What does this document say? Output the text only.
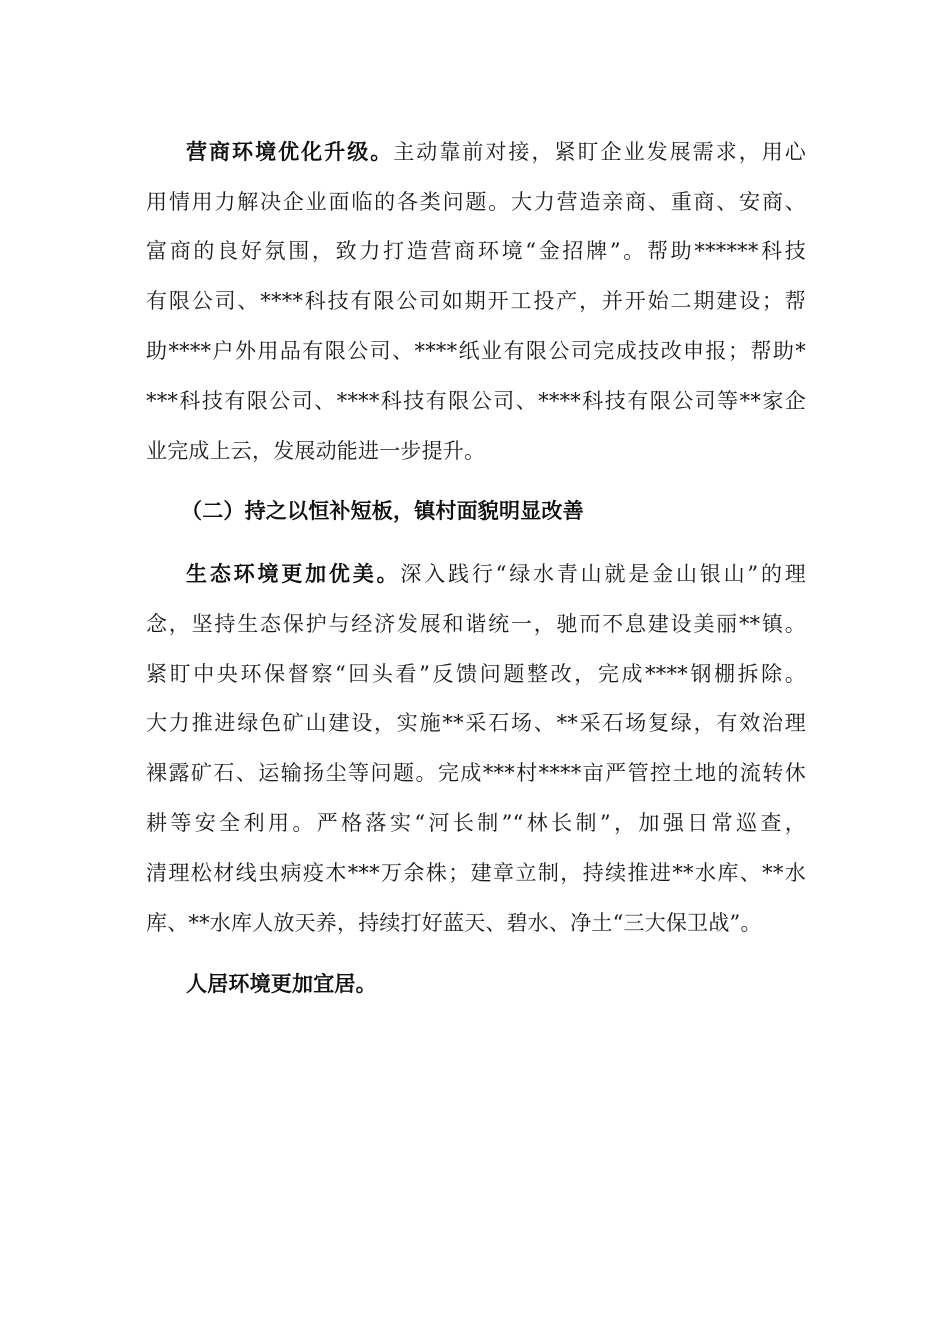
营商环境优化升级。主动靠前对接，紧盯企业发展需求，用心
用情用力解决企业面临的各类问题。大力营造亲商、重商、安商、
富商的良好氛围，致力打造营商环境“金招牌”。帮助******科技
有限公司、****科技有限公司如期开工投产，并开始二期建设；帮
助****户外用品有限公司、****纸业有限公司完成技改申报；帮助*
***科技有限公司、****科技有限公司、****科技有限公司等**家企
业完成上云，发展动能进一步提升。
（二）持之以恒补短板，镇村面貌明显改善
生态环境更加优美。深入践行“绿水青山就是金山银山”的理
念，坚持生态保护与经济发展和谐统一，驰而不息建设美丽**镇。
紧盯中央环保督察“回头看”反馈问题整改，完成****钢棚拆除。
大力推进绿色矿山建设，实施**采石场、**采石场复绿，有效治理
裸露矿石、运输扬尘等问题。完成***村****亩严管控土地的流转休
耕等安全利用。严格落实“河长制”“林长制”，加强日常巡查，
清理松材线虫病疫木***万余株；建章立制，持续推进**水库、**水
库、**水库人放天养，持续打好蓝天、碧水、净土“三大保卫战”。
人居环境更加宜居。
